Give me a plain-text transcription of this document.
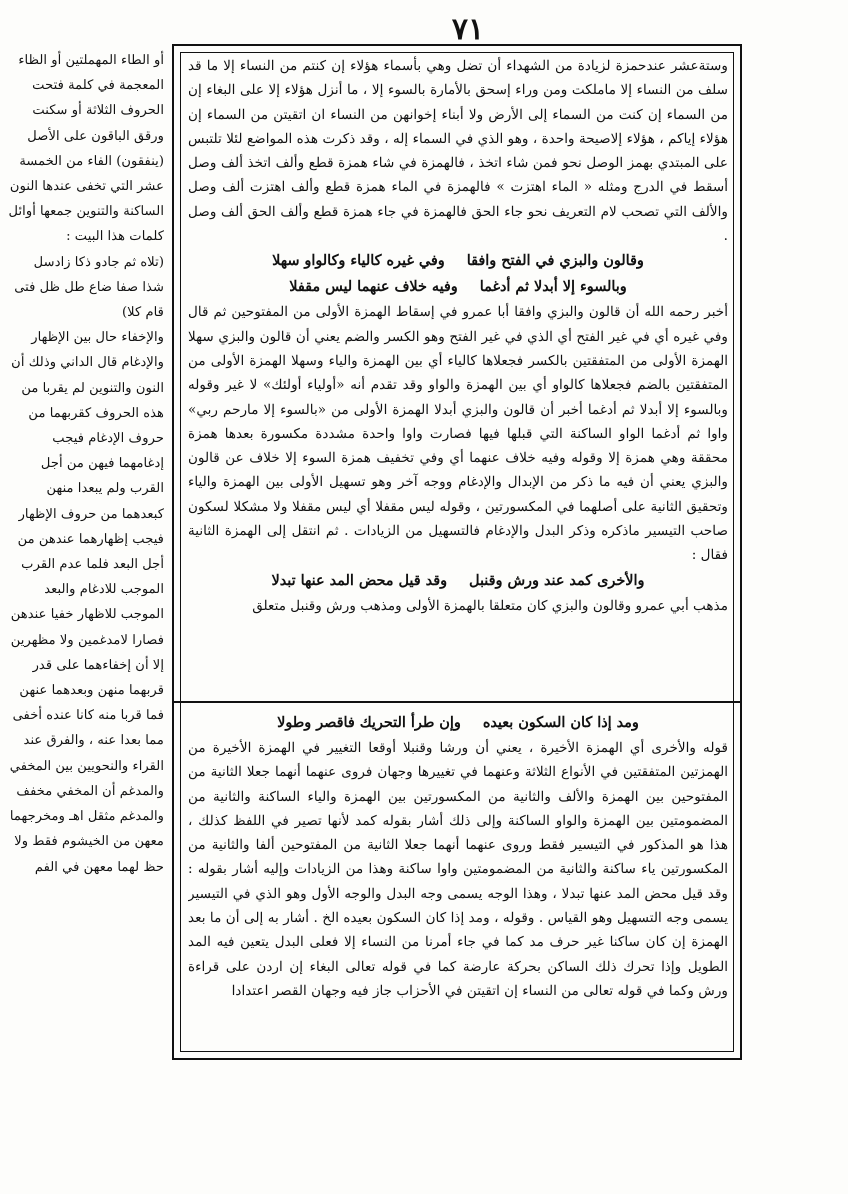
٧١

وستةعشر عندحمزة لزيادة من الشهداء أن تضل وهي بأسماء هؤلاء إن كنتم من النساء إلا ما قد سلف من النساء إلا ماملكت ومن وراء إسحق بالأمارة بالسوء إلا ، ما أنزل هؤلاء إلا على البغاء إن من السماء إن كنت من السماء إلى الأرض ولا أبناء إخوانهن من النساء ان اتقيتن من السماء إن هؤلاء إياكم ، هؤلاء إلاصيحة واحدة ، وهو الذي في السماء إله ، وقد ذكرت هذه المواضع لئلا تلتبس على المبتدي بهمز الوصل نحو فمن شاء اتخذ ، فالهمزة في شاء همزة قطع وألف اتخذ ألف وصل أسقط في الدرج ومثله « الماء اهتزت » فالهمزة في الماء همزة قطع وألف اهتزت ألف وصل والألف التي تصحب لام التعريف نحو جاء الحق فالهمزة في جاء همزة قطع وألف الحق ألف وصل .

وقالون والبزي في الفتح وافقاوفي غيره كالياء وكالواو سهلا
وبالسوء إلا أبدلا ثم أدغماوفيه خلاف عنهما ليس مقفلا

أخبر رحمه الله أن قالون والبزي وافقا أبا عمرو في إسقاط الهمزة الأولى من المفتوحين ثم قال وفي غيره أي في غير الفتح أي الذي في غير الفتح وهو الكسر والضم يعني أن قالون والبزي سهلا الهمزة الأولى من المتفقتين بالكسر فجعلاها كالياء أي بين الهمزة والياء وسهلا الهمزة الأولى من المتفقتين بالضم فجعلاها كالواو أي بين الهمزة والواو وقد تقدم أنه «أولياء أولئك» لا غير وقوله وبالسوء إلا أبدلا ثم أدغما أخبر أن قالون والبزي أبدلا الهمزة الأولى من «بالسوء إلا مارحم ربي» واوا ثم أدغما الواو الساكنة التي قبلها فيها فصارت واوا واحدة مشددة مكسورة بعدها همزة محققة وهي همزة إلا وقوله وفيه خلاف عنهما أي وفي تخفيف همزة السوء إلا خلاف عن قالون والبزي يعني أن فيه ما ذكر من الإبدال والإدغام ووجه آخر وهو تسهيل الأولى بين الهمزة والياء وتحقيق الثانية على أصلهما في المكسورتين ، وقوله ليس مقفلا أي ليس مقفلا ولا مشكلا لسكون صاحب التيسير ماذكره وذكر البدل والإدغام فالتسهيل من الزيادات . ثم انتقل إلى الهمزة الثانية فقال :

والأخرى كمد عند ورش وقنبلوقد قيل محض المد عنها تبدلا

مذهب أبي عمرو وقالون والبزي كان متعلقا بالهمزة الأولى ومذهب ورش وقنبل متعلق

ومد إذا كان السكون بعيدهوإن طرأ التحريك فاقصر وطولا

قوله والأخرى أي الهمزة الأخيرة ، يعني أن ورشا وقنبلا أوقعا التغيير في الهمزة الأخيرة من الهمزتين المتفقتين في الأنواع الثلاثة وعنهما في تغييرها وجهان فروى عنهما أنهما جعلا الثانية من المفتوحين بين الهمزة والألف والثانية من المكسورتين بين الهمزة والياء الساكنة والثانية من المضمومتين بين الهمزة والواو الساكنة وإلى ذلك أشار بقوله كمد لأنها تصير في اللفظ كذلك ، هذا هو المذكور في التيسير فقط وروى عنهما أنهما جعلا الثانية من المفتوحين ألفا والثانية من المكسورتين ياء ساكنة والثانية من المضمومتين واوا ساكنة وهذا من الزيادات وإليه أشار بقوله : وقد قيل محض المد عنها تبدلا ، وهذا الوجه يسمى وجه البدل والوجه الأول وهو الذي في التيسير يسمى وجه التسهيل وهو القياس . وقوله ، ومد إذا كان السكون بعيده الخ . أشار به إلى أن ما بعد الهمزة إن كان ساكنا غير حرف مد كما في جاء أمرنا من النساء إلا فعلى البدل يتعين فيه المد الطويل وإذا تحرك ذلك الساكن بحركة عارضة كما في قوله تعالى البغاء إن اردن على قراءة ورش وكما في قوله تعالى من النساء إن اتقيتن في الأحزاب جاز فيه وجهان القصر اعتدادا

أو الطاء المهملتين أو الظاء المعجمة في كلمة فتحت الحروف الثلاثة أو سكنت ورقق الباقون على الأصل (ينفقون) الفاء من الخمسة عشر التي تخفى عندها النون الساكنة والتنوين جمعها أوائل كلمات هذا البيت :

(تلاه ثم جادو ذكا زادسل شذا صفا ضاع طل ظل فتى قام كلا)

والإخفاء حال بين الإظهار والإدغام قال الداني وذلك أن النون والتنوين لم يقربا من هذه الحروف كقربهما من حروف الإدغام فيجب إدغامهما فيهن من أجل القرب ولم يبعدا منهن كبعدهما من حروف الإظهار فيجب إظهارهما عندهن من أجل البعد فلما عدم القرب الموجب للادغام والبعد الموجب للاظهار خفيا عندهن فصارا لامدغمين ولا مظهرين إلا أن إخفاءهما على قدر قربهما منهن وبعدهما عنهن فما قربا منه كانا عنده أخفى مما بعدا عنه ، والفرق عند القراء والنحويين بين المخفي والمدغم أن المخفي مخفف والمدغم مثقل اهـ ومخرجهما معهن من الخيشوم فقط ولا حظ لهما معهن في الفم
